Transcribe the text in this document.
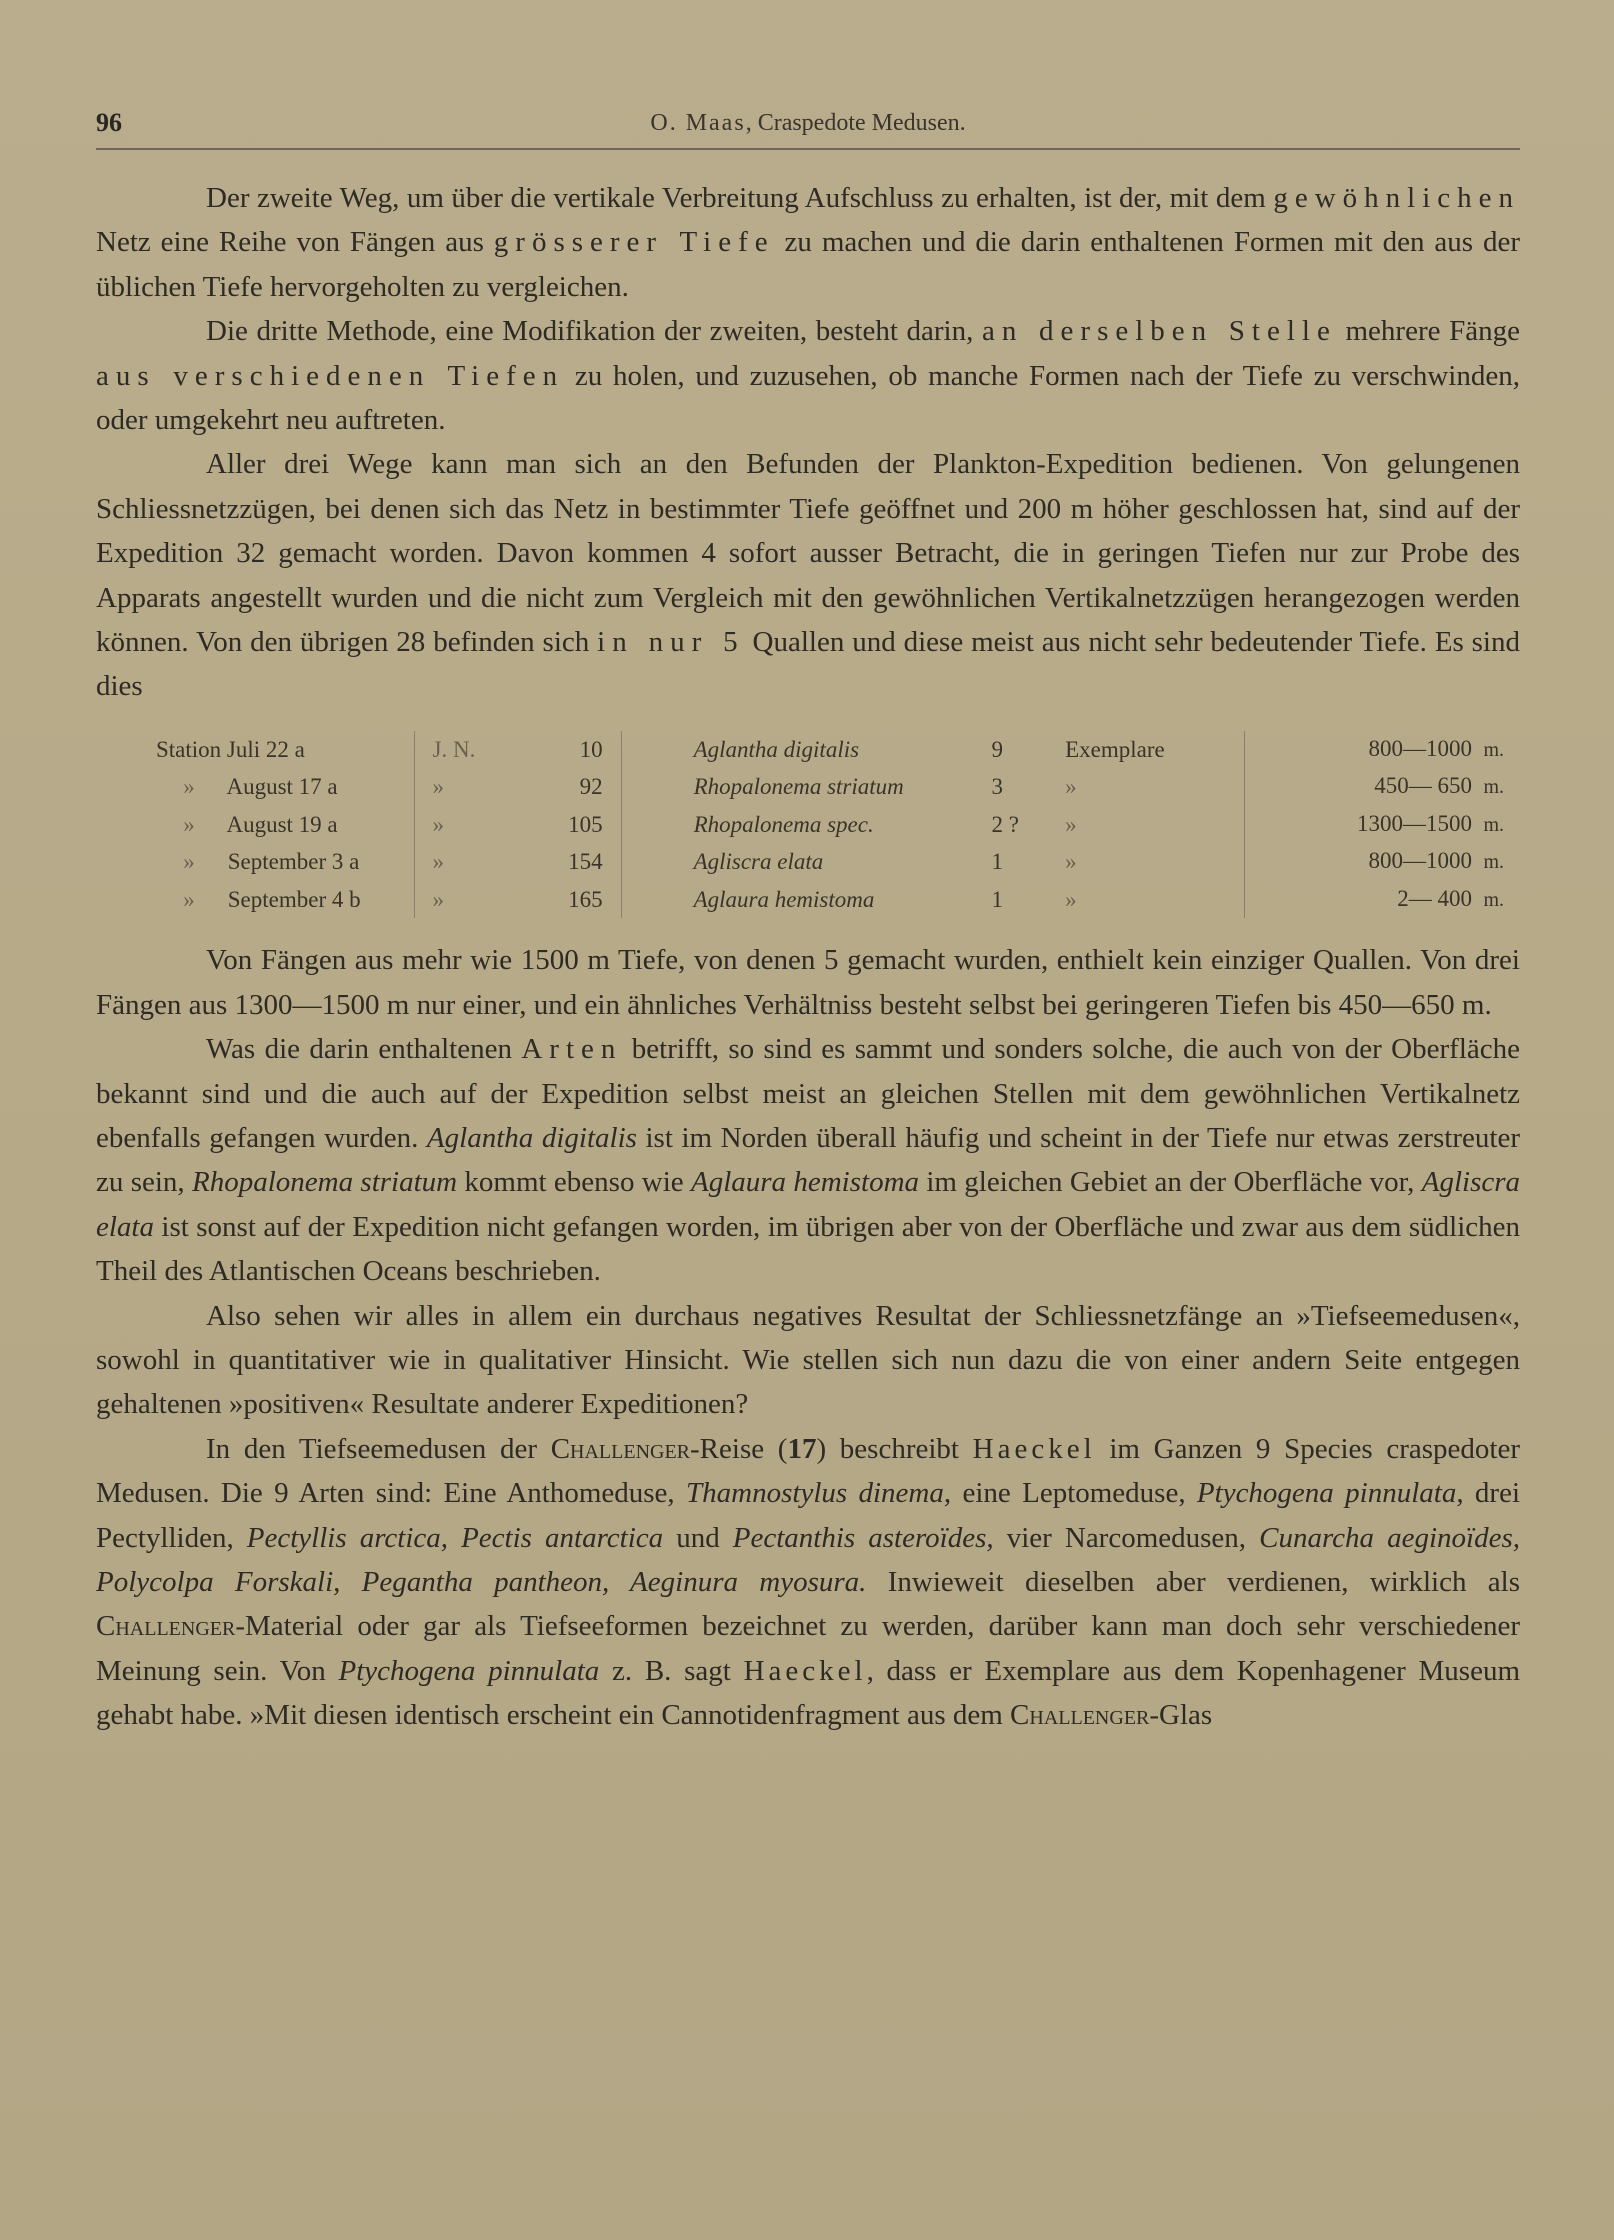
96	O. Maas, Craspedote Medusen.

Der zweite Weg, um über die vertikale Verbreitung Aufschluss zu erhalten, ist der, mit dem gewöhnlichen Netz eine Reihe von Fängen aus grösserer Tiefe zu machen und die darin enthaltenen Formen mit den aus der üblichen Tiefe hervorgeholten zu vergleichen.

Die dritte Methode, eine Modifikation der zweiten, besteht darin, an derselben Stelle mehrere Fänge aus verschiedenen Tiefen zu holen, und zuzusehen, ob manche Formen nach der Tiefe zu verschwinden, oder umgekehrt neu auftreten.

Aller drei Wege kann man sich an den Befunden der Plankton-Expedition bedienen. Von gelungenen Schliessnetzzügen, bei denen sich das Netz in bestimmter Tiefe geöffnet und 200 m höher geschlossen hat, sind auf der Expedition 32 gemacht worden. Davon kommen 4 sofort ausser Betracht, die in geringen Tiefen nur zur Probe des Apparats angestellt wurden und die nicht zum Vergleich mit den gewöhnlichen Vertikalnetzzügen herangezogen werden können. Von den übrigen 28 befinden sich in nur 5 Quallen und diese meist aus nicht sehr bedeutender Tiefe. Es sind dies

Station Juli 22 a	J. N. 10	Aglantha digitalis	9	Exemplare	800—1000 m.
» August 17 a	» 92	Rhopalonema striatum	3	»	450— 650 m.
» August 19 a	» 105	Rhopalonema spec.	2 ?	»	1300—1500 m.
» September 3 a	» 154	Agliscra elata	1	»	800—1000 m.
» September 4 b	» 165	Aglaura hemistoma	1	»	2— 400 m.

Von Fängen aus mehr wie 1500 m Tiefe, von denen 5 gemacht wurden, enthielt kein einziger Quallen. Von drei Fängen aus 1300—1500 m nur einer, und ein ähnliches Verhältniss besteht selbst bei geringeren Tiefen bis 450—650 m.

Was die darin enthaltenen Arten betrifft, so sind es sammt und sonders solche, die auch von der Oberfläche bekannt sind und die auch auf der Expedition selbst meist an gleichen Stellen mit dem gewöhnlichen Vertikalnetz ebenfalls gefangen wurden. Aglantha digitalis ist im Norden überall häufig und scheint in der Tiefe nur etwas zerstreuter zu sein, Rhopalonema striatum kommt ebenso wie Aglaura hemistoma im gleichen Gebiet an der Oberfläche vor, Agliscra elata ist sonst auf der Expedition nicht gefangen worden, im übrigen aber von der Oberfläche und zwar aus dem südlichen Theil des Atlantischen Oceans beschrieben.

Also sehen wir alles in allem ein durchaus negatives Resultat der Schliessnetzfänge an »Tiefseemedusen«, sowohl in quantitativer wie in qualitativer Hinsicht. Wie stellen sich nun dazu die von einer andern Seite entgegen gehaltenen »positiven« Resultate anderer Expeditionen?

In den Tiefseemedusen der Challenger-Reise (17) beschreibt Haeckel im Ganzen 9 Species craspedoter Medusen. Die 9 Arten sind: Eine Anthomeduse, Thamnostylus dinema, eine Leptomeduse, Ptychogena pinnulata, drei Pectylliden, Pectyllis arctica, Pectis antarctica und Pectanthis asteroïdes, vier Narcomedusen, Cunarcha aeginoïdes, Polycolpa Forskali, Pegantha pantheon, Aeginura myosura. Inwieweit dieselben aber verdienen, wirklich als Challenger-Material oder gar als Tiefseeformen bezeichnet zu werden, darüber kann man doch sehr verschiedener Meinung sein. Von Ptychogena pinnulata z. B. sagt Haeckel, dass er Exemplare aus dem Kopenhagener Museum gehabt habe. »Mit diesen identisch erscheint ein Cannotidenfragment aus dem Challenger-Glas
